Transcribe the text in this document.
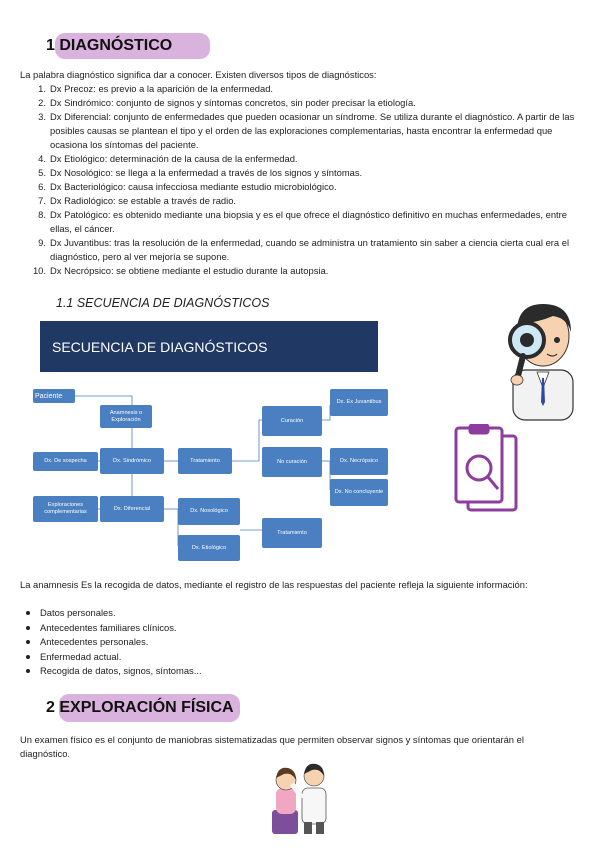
1 DIAGNÓSTICO
La palabra diagnóstico significa dar a conocer. Existen diversos tipos de diagnósticos:
1. Dx Precoz: es previo a la aparición de la enfermedad.
2. Dx Sindrómico: conjunto de signos y síntomas concretos, sin poder precisar la etiología.
3. Dx Diferencial: conjunto de enfermedades que pueden ocasionar un síndrome. Se utiliza durante el diagnóstico. A partir de las posibles causas se plantean el tipo y el orden de las exploraciones complementarias, hasta encontrar la enfermedad que ocasiona los síntomas del paciente.
4. Dx Etiológico: determinación de la causa de la enfermedad.
5. Dx Nosológico: se llega a la enfermedad a través de los signos y síntomas.
6. Dx Bacteriológico: causa infecciosa mediante estudio microbiológico.
7. Dx Radiológico: se estable a través de radio.
8. Dx Patológico: es obtenido mediante una biopsia y es el que ofrece el diagnóstico definitivo en muchas enfermedades, entre ellas, el cáncer.
9. Dx Juvantibus: tras la resolución de la enfermedad, cuando se administra un tratamiento sin saber a ciencia cierta cual era el diagnóstico, pero al ver mejoría se supone.
10. Dx Necrópsico: se obtiene mediante el estudio durante la autopsia.
1.1 SECUENCIA DE DIAGNÓSTICOS
SECUENCIA DE DIAGNÓSTICOS
Paciente
Anamnesis o Exploración
Dx. De sospecha	Dx. Sindrómico	Tratamiento
Curación
Dx. Ex Juvantibus
No curación	Dx. Necrópsico
Dx. No concluyente
Exploraciones complementarias
Dx. Diferencial	Dx. Nosológico
Dx. Etiológico
Tratamiento
La anamnesis Es la recogida de datos, mediante el registro de las respuestas del paciente refleja la siguiente información:
Datos personales.
Antecedentes familiares clínicos.
Antecedentes personales.
Enfermedad actual.
Recogida de datos, signos, síntomas...
2 EXPLORACIÓN FÍSICA
Un examen físico es el conjunto de maniobras sistematizadas que permiten observar signos y síntomas que orientarán el diagnóstico.
